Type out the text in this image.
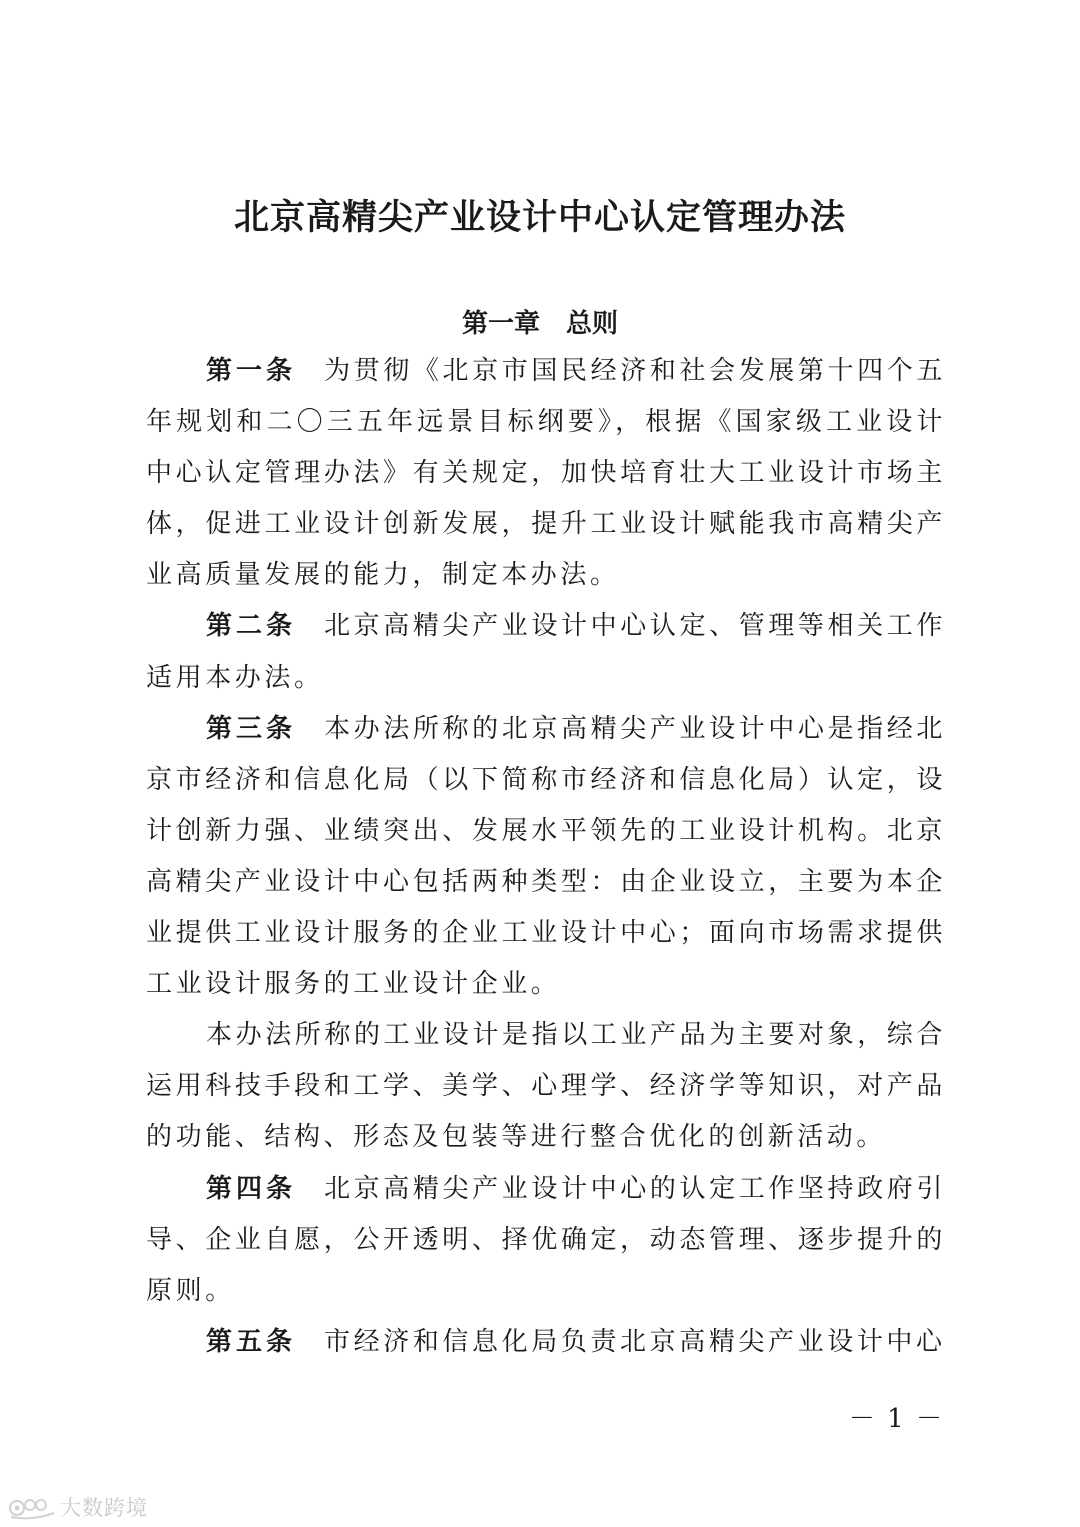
北京高精尖产业设计中心认定管理办法
第一章　总则

第一条 为贯彻《北京市国民经济和社会发展第十四个五年规划和二〇三五年远景目标纲要》，根据《国家级工业设计中心认定管理办法》有关规定，加快培育壮大工业设计市场主体，促进工业设计创新发展，提升工业设计赋能我市高精尖产业高质量发展的能力，制定本办法。

第二条 北京高精尖产业设计中心认定、管理等相关工作适用本办法。

第三条 本办法所称的北京高精尖产业设计中心是指经北京市经济和信息化局（以下简称市经济和信息化局）认定，设计创新力强、业绩突出、发展水平领先的工业设计机构。北京高精尖产业设计中心包括两种类型：由企业设立，主要为本企业提供工业设计服务的企业工业设计中心；面向市场需求提供工业设计服务的工业设计企业。

本办法所称的工业设计是指以工业产品为主要对象，综合运用科技手段和工学、美学、心理学、经济学等知识，对产品的功能、结构、形态及包装等进行整合优化的创新活动。

第四条 北京高精尖产业设计中心的认定工作坚持政府引导、企业自愿，公开透明、择优确定，动态管理、逐步提升的原则。

第五条 市经济和信息化局负责北京高精尖产业设计中心

－ 1 －
大数跨境
